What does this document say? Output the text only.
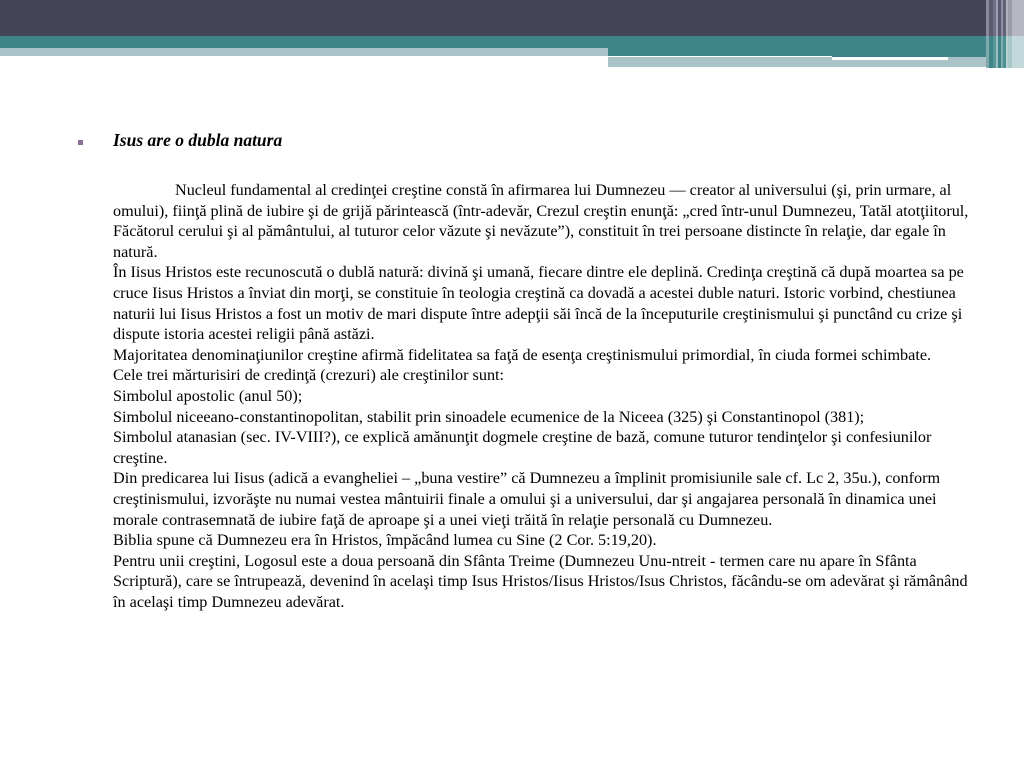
Isus are o dubla natura

Nucleul fundamental al credinţei creştine constă în afirmarea lui Dumnezeu — creator al universului (şi, prin urmare, al omului), fiinţă plină de iubire şi de grijă părintească (într-adevăr, Crezul creştin enunţă: „cred într-unul Dumnezeu, Tatăl atotţiitorul, Făcătorul cerului şi al pământului, al tuturor celor văzute şi nevăzute”), constituit în trei persoane distincte în relaţie, dar egale în natură.

În Iisus Hristos este recunoscută o dublă natură: divină şi umană, fiecare dintre ele deplină. Credinţa creştină că după moartea sa pe cruce Iisus Hristos a înviat din morţi, se constituie în teologia creştină ca dovadă a acestei duble naturi. Istoric vorbind, chestiunea naturii lui Iisus Hristos a fost un motiv de mari dispute între adepţii săi încă de la începuturile creştinismului şi punctând cu crize şi dispute istoria acestei religii până astăzi.

Majoritatea denominaţiunilor creştine afirmă fidelitatea sa faţă de esenţa creştinismului primordial, în ciuda formei schimbate.

Cele trei mărturisiri de credinţă (crezuri) ale creştinilor sunt:

Simbolul apostolic (anul 50);

Simbolul niceeano-constantinopolitan, stabilit prin sinoadele ecumenice de la Niceea (325) şi Constantinopol (381);

Simbolul atanasian (sec. IV-VIII?), ce explică amănunţit dogmele creştine de bază, comune tuturor tendinţelor şi confesiunilor creştine.

Din predicarea lui Iisus (adică a evangheliei – „buna vestire” că Dumnezeu a împlinit promisiunile sale cf. Lc 2, 35u.), conform creştinismului, izvorăşte nu numai vestea mântuirii finale a omului şi a universului, dar şi angajarea personală în dinamica unei morale contrasemnată de iubire faţă de aproape şi a unei vieţi trăită în relaţie personală cu Dumnezeu.

Biblia spune că Dumnezeu era în Hristos, împăcând lumea cu Sine (2 Cor. 5:19,20).

Pentru unii creştini, Logosul este a doua persoană din Sfânta Treime (Dumnezeu Unu-ntreit - termen care nu apare în Sfânta Scriptură), care se întrupează, devenind în acelaşi timp Isus Hristos/Iisus Hristos/Isus Christos, făcându-se om adevărat şi rămânând în acelaşi timp Dumnezeu adevărat.
